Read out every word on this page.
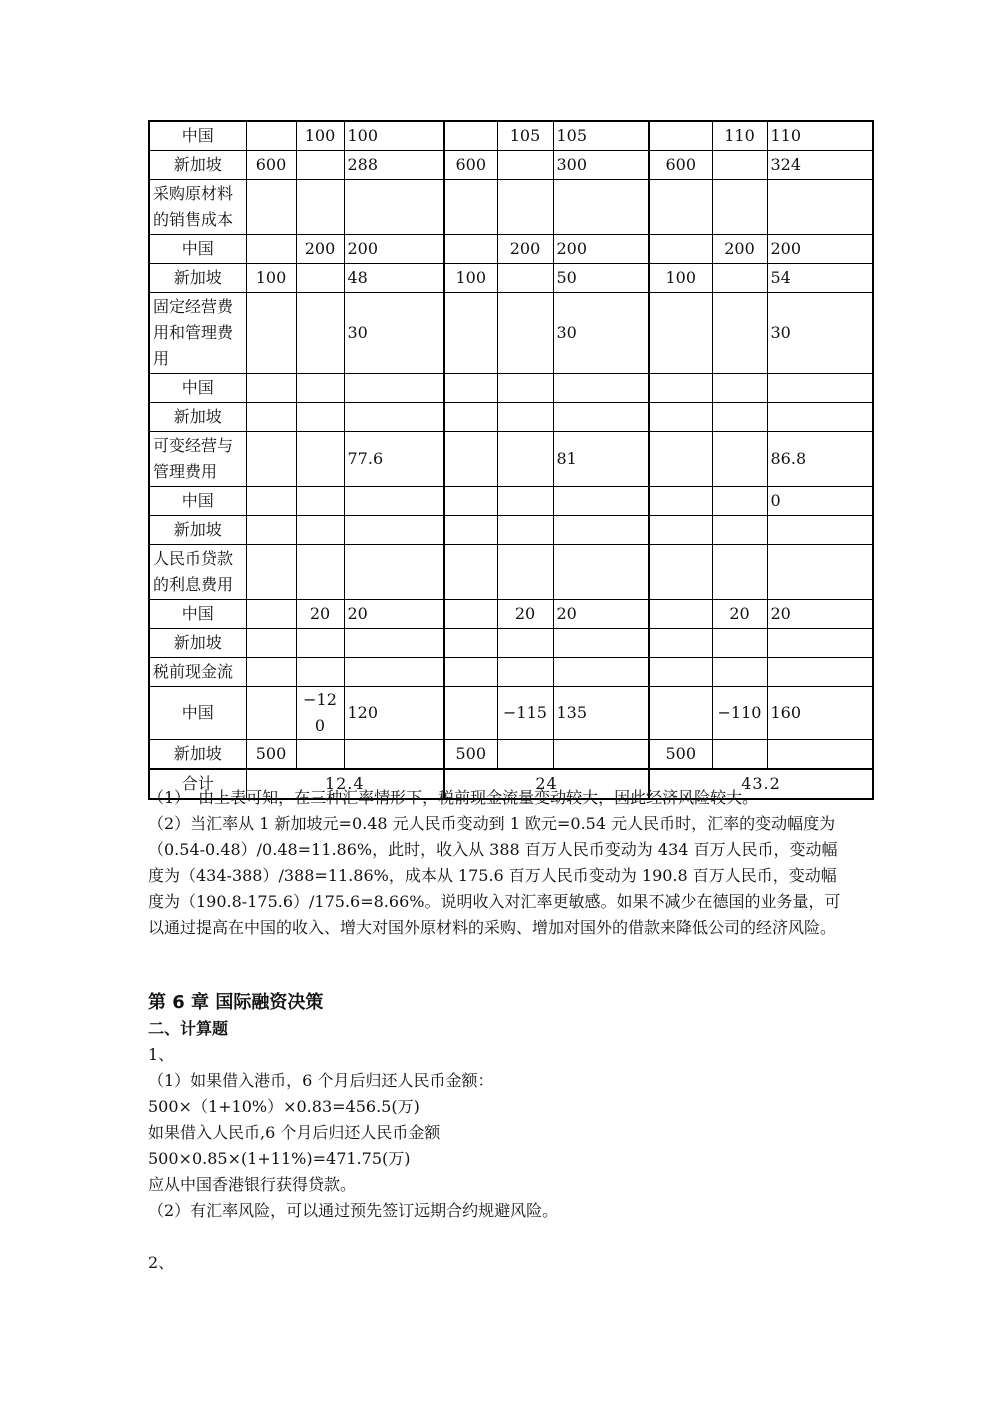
中国		100	100		105	105		110	110
新加坡	600		288	600		300	600		324
采购原材料的销售成本									
中国		200	200		200	200		200	200
新加坡	100		48	100		50	100		54
固定经营费用和管理费用			30			30			30
中国									
新加坡									
可变经营与管理费用			77.6			81			86.8
中国									0
新加坡									
人民币贷款的利息费用									
中国		20	20		20	20		20	20
新加坡									
税前现金流									
中国		−120	120		−115	135		−110	160
新加坡	500			500			500		
合计	12.4			24			43.2		

（1）　由上表可知，在三种汇率情形下，税前现金流量变动较大，因此经济风险较大。

（2）当汇率从 1 新加坡元=0.48 元人民币变动到 1 欧元=0.54 元人民币时，汇率的变动幅度为（0.54-0.48）/0.48=11.86%，此时，收入从 388 百万人民币变动为 434 百万人民币，变动幅度为（434-388）/388=11.86%，成本从 175.6 百万人民币变动为 190.8 百万人民币，变动幅度为（190.8-175.6）/175.6=8.66%。说明收入对汇率更敏感。如果不减少在德国的业务量，可以通过提高在中国的收入、增大对国外原材料的采购、增加对国外的借款来降低公司的经济风险。

第 6 章 国际融资决策

二、计算题

1、

（1）如果借入港币，6 个月后归还人民币金额：

500×（1+10%）×0.83=456.5(万)

如果借入人民币,6 个月后归还人民币金额

500×0.85×(1+11%)=471.75(万)

应从中国香港银行获得贷款。

（2）有汇率风险，可以通过预先签订远期合约规避风险。

2、
